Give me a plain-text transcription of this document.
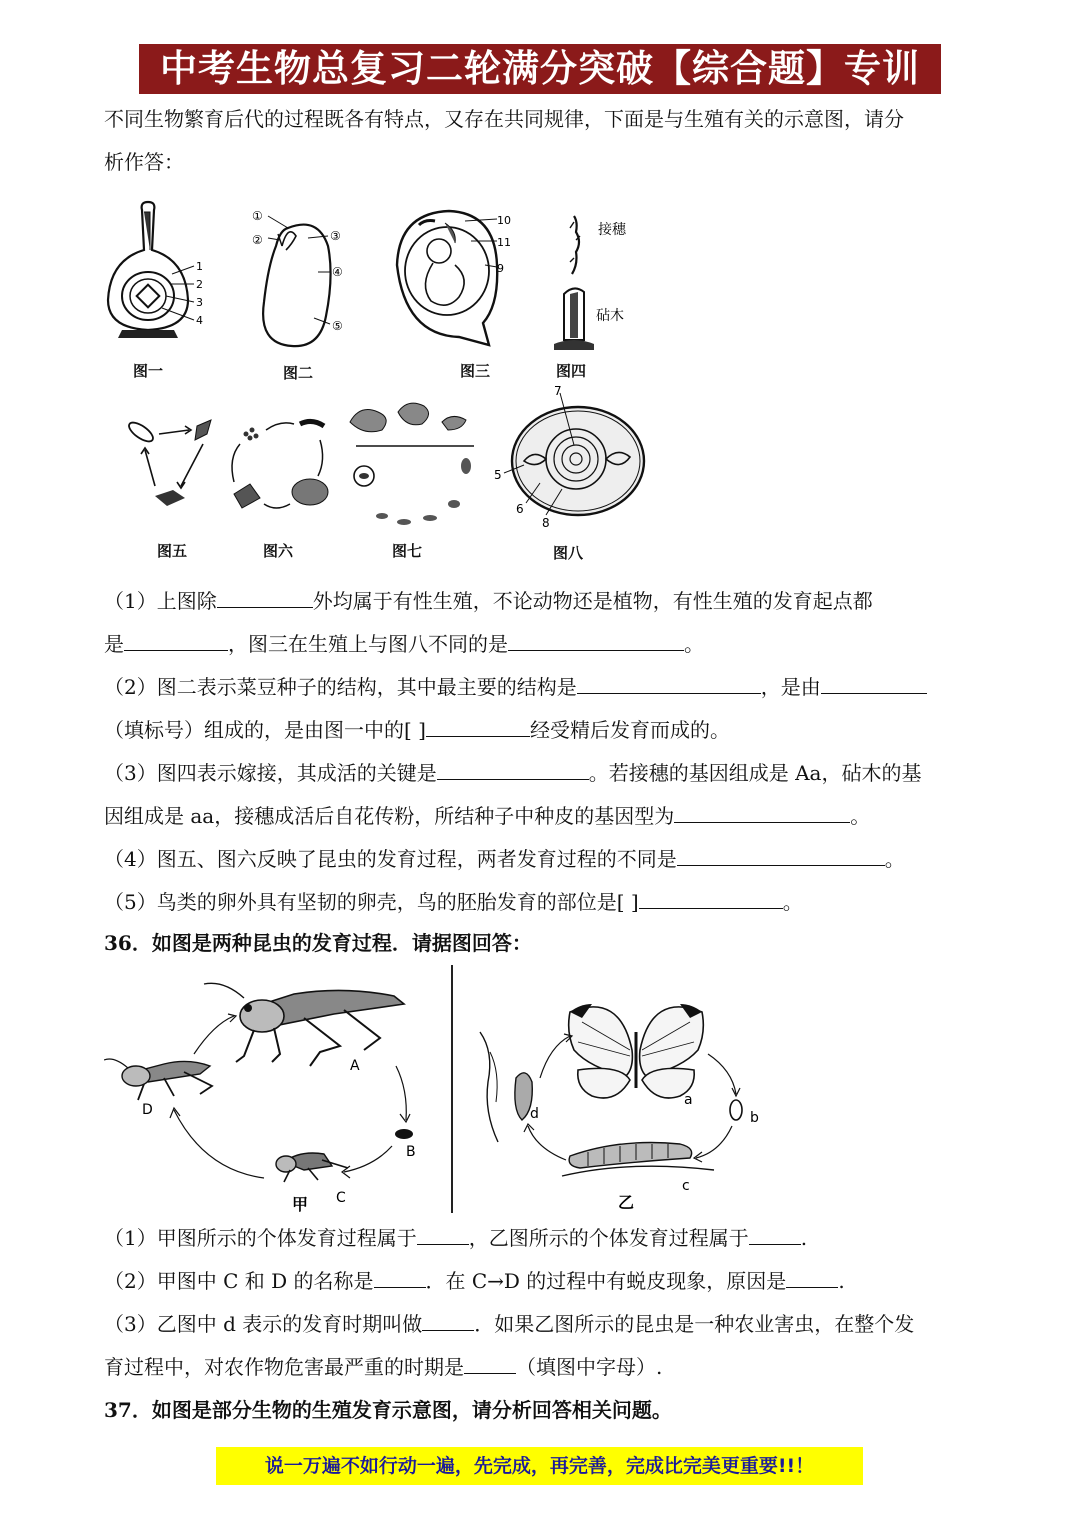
中考生物总复习二轮满分突破【综合题】专训
不同生物繁育后代的过程既各有特点，又存在共同规律，下面是与生殖有关的示意图，请分
析作答：
1
2
3
4
图一
①
②	③
④
⑤
图二
10
11
9
图三
接穗
砧木
图四
图五	图六	图七
7
5
6
8
图八
（1）上图除	外均属于有性生殖，不论动物还是植物，有性生殖的发育起点都
是	，图三在生殖上与图八不同的是	。
（2）图二表示菜豆种子的结构，其中最主要的结构是	，是由
（填标号）组成的，是由图一中的[ ]	经受精后发育而成的。
（3）图四表示嫁接，其成活的关键是	。若接穗的基因组成是 Aa，砧木的基
因组成是 aa，接穗成活后自花传粉，所结种子中种皮的基因型为	。
（4）图五、图六反映了昆虫的发育过程，两者发育过程的不同是	。
（5）鸟类的卵外具有坚韧的卵壳，鸟的胚胎发育的部位是[ ]	。
36．如图是两种昆虫的发育过程．请据图回答：
A
B
C
D
甲
a
b
c
d
乙
（1）甲图所示的个体发育过程属于	，乙图所示的个体发育过程属于	.
（2）甲图中 C 和 D 的名称是	．在 C→D 的过程中有蜕皮现象，原因是	.
（3）乙图中 d 表示的发育时期叫做	．如果乙图所示的昆虫是一种农业害虫，在整个发
育过程中，对农作物危害最严重的时期是	（填图中字母）.
37．如图是部分生物的生殖发育示意图，请分析回答相关问题。
说一万遍不如行动一遍，先完成，再完善，完成比完美更重要!!！
